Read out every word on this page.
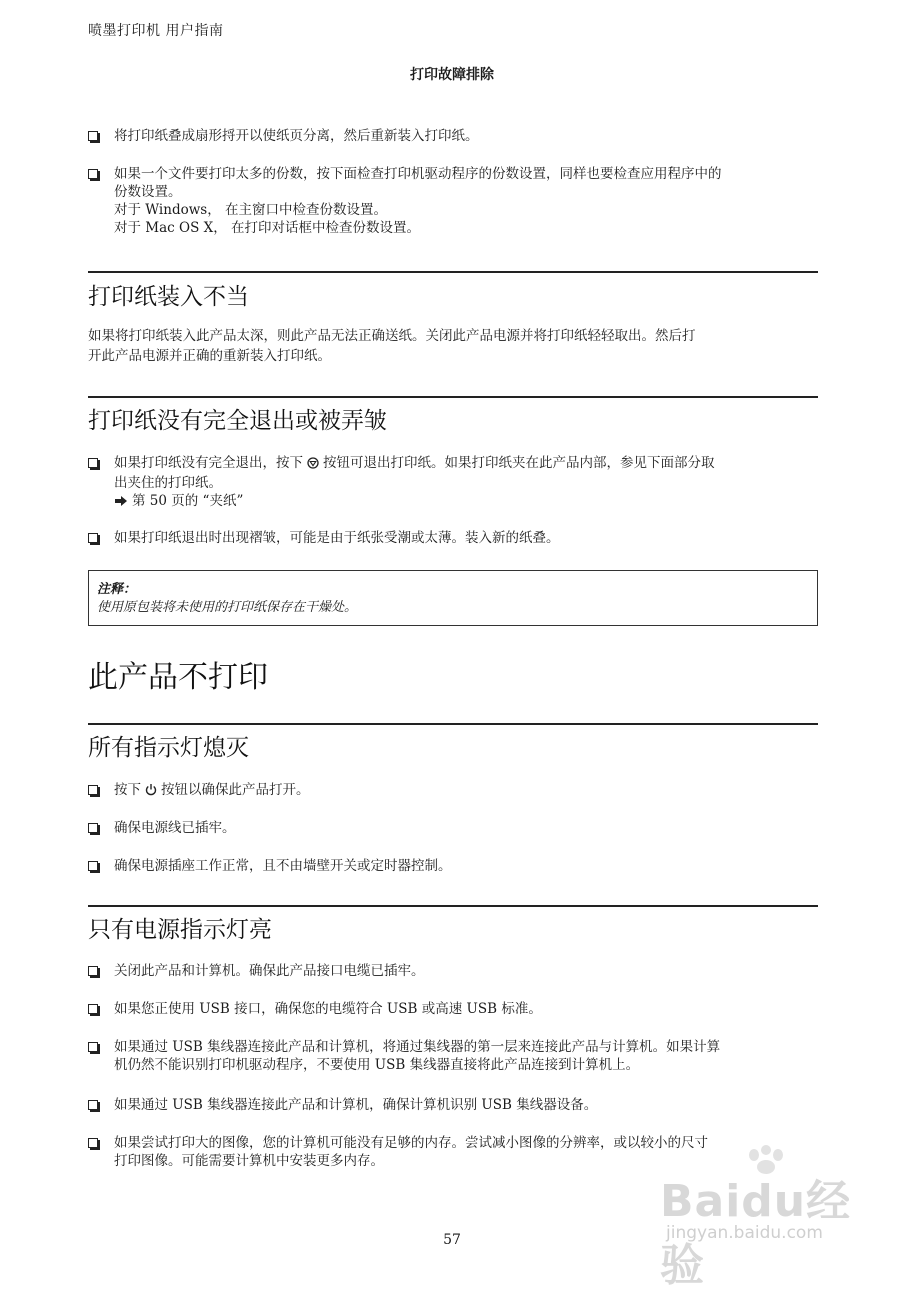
喷墨打印机 用户指南
打印故障排除
将打印纸叠成扇形捋开以使纸页分离，然后重新装入打印纸。
如果一个文件要打印太多的份数，按下面检查打印机驱动程序的份数设置，同样也要检查应用程序中的
份数设置。
对于 Windows， 在主窗口中检查份数设置。
对于 Mac OS X， 在打印对话框中检查份数设置。
打印纸装入不当
如果将打印纸装入此产品太深，则此产品无法正确送纸。关闭此产品电源并将打印纸轻轻取出。然后打
开此产品电源并正确的重新装入打印纸。
打印纸没有完全退出或被弄皱
如果打印纸没有完全退出，按下 按钮可退出打印纸。如果打印纸夹在此产品内部，参见下面部分取
出夹住的打印纸。
第 50 页的 “夹纸”
如果打印纸退出时出现褶皱，可能是由于纸张受潮或太薄。装入新的纸叠。
注释：
使用原包装将未使用的打印纸保存在干燥处。
此产品不打印
所有指示灯熄灭
按下 按钮以确保此产品打开。
确保电源线已插牢。
确保电源插座工作正常，且不由墙壁开关或定时器控制。
只有电源指示灯亮
关闭此产品和计算机。确保此产品接口电缆已插牢。
如果您正使用 USB 接口，确保您的电缆符合 USB 或高速 USB 标准。
如果通过 USB 集线器连接此产品和计算机，将通过集线器的第一层来连接此产品与计算机。如果计算
机仍然不能识别打印机驱动程序，不要使用 USB 集线器直接将此产品连接到计算机上。
如果通过 USB 集线器连接此产品和计算机，确保计算机识别 USB 集线器设备。
如果尝试打印大的图像，您的计算机可能没有足够的内存。尝试减小图像的分辨率，或以较小的尺寸
打印图像。可能需要计算机中安装更多内存。
Baidu经验
jingyan.baidu.com
57
